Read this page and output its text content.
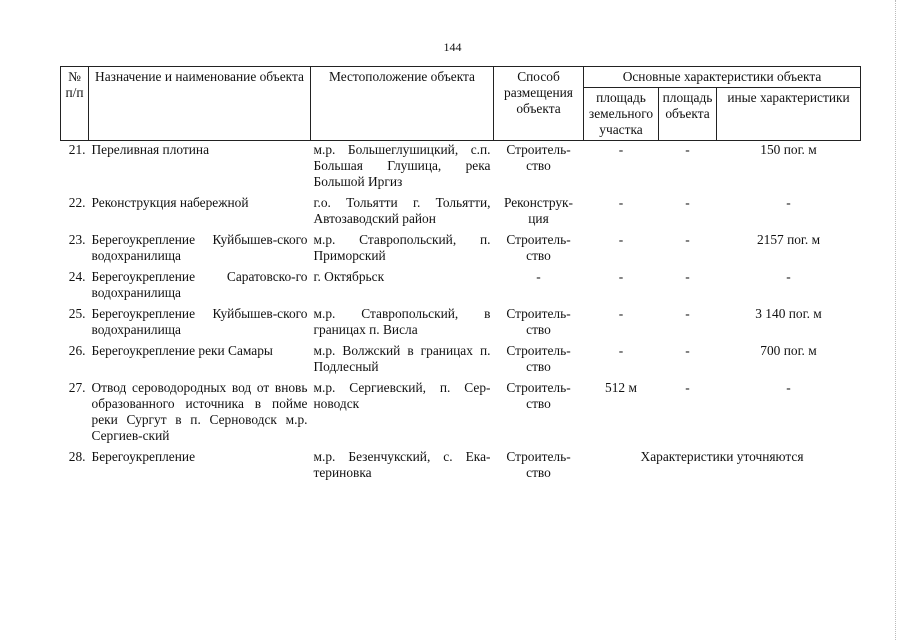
144
№ п/п	Назначение и наименование объекта	Местоположение объекта	Способ размещения объекта	Основные характеристики объекта		
				площадь земельного участка	площадь объекта	иные характеристики
21.	Переливная плотина	м.р. Большеглушицкий, с.п. Большая Глушица, река Большой Иргиз	Строитель-ство	-	-	150 пог. м
22.	Реконструкция набережной	г.о. Тольятти г. Тольятти, Автозаводский район	Реконструк-ция	-	-	-
23.	Берегоукрепление Куйбышев-ского водохранилища	м.р. Ставропольский, п. Приморский	Строитель-ство	-	-	2157 пог. м
24.	Берегоукрепление Саратовско-го водохранилища	г. Октябрьск	-	-	-	-
25.	Берегоукрепление Куйбышев-ского водохранилища	м.р. Ставропольский, в границах п. Висла	Строитель-ство	-	-	3 140 пог. м
26.	Берегоукрепление реки Самары	м.р. Волжский в границах п. Подлесный	Строитель-ство	-	-	700 пог. м
27.	Отвод сероводородных вод от вновь образованного источника в пойме реки Сургут в п. Серноводск м.р. Сергиев-ский	м.р. Сергиевский, п. Сер-новодск	Строитель-ство	512 м	-	-
28.	Берегоукрепление	м.р. Безенчукский, с. Ека-териновка	Строитель-ство	Характеристики уточняются		
